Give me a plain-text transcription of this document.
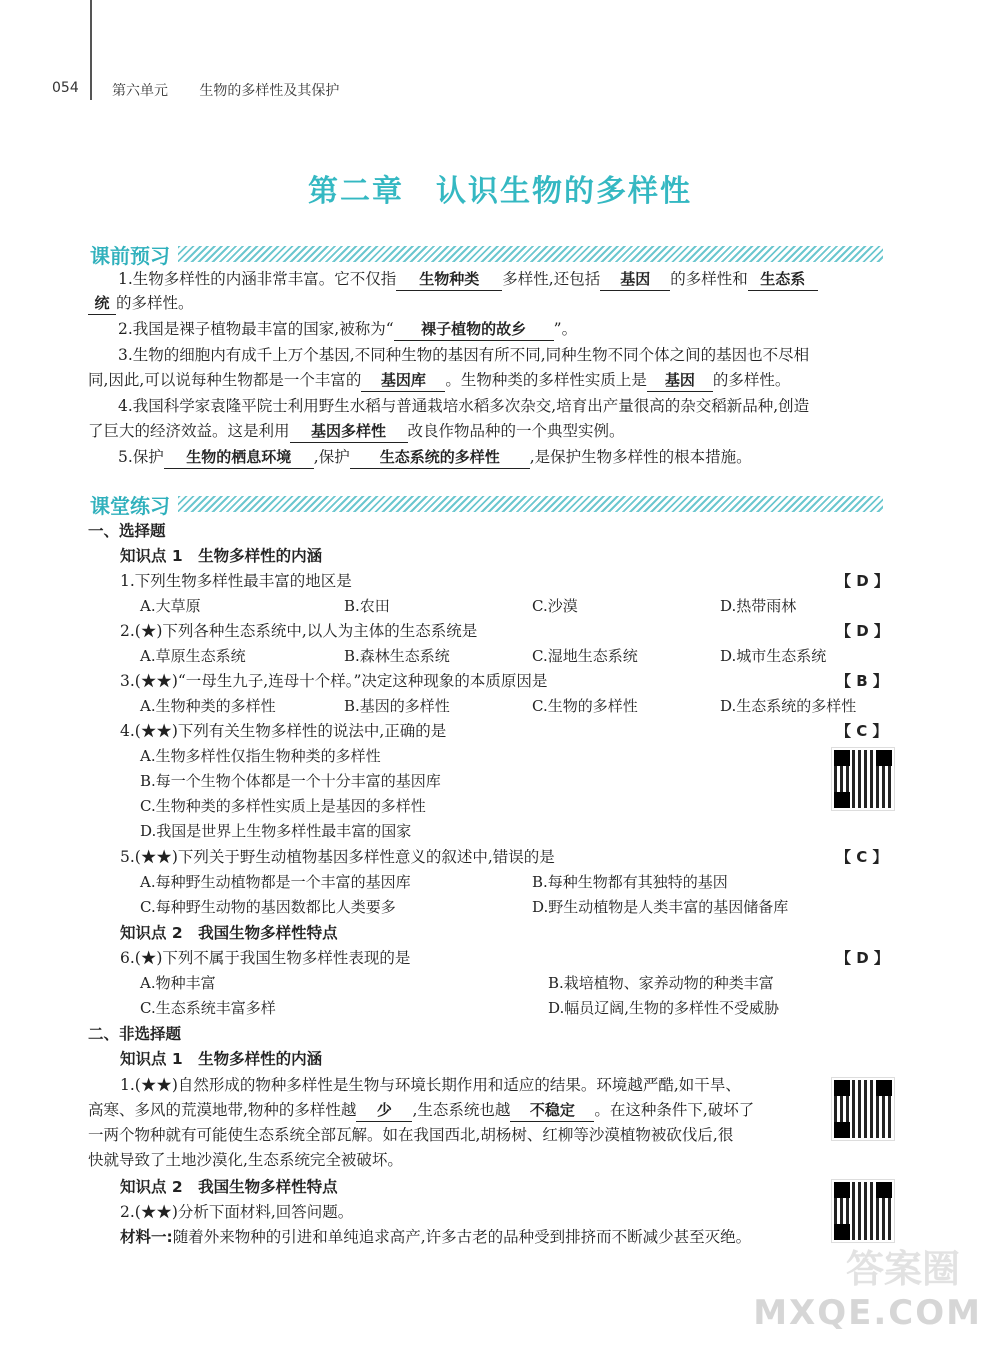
054 第六单元 生物的多样性及其保护
第二章　认识生物的多样性
课前预习
1.生物多样性的内涵非常丰富。它不仅指 生物种类 多样性,还包括 基因 的多样性和 生态系
统 的多样性。
2.我国是裸子植物最丰富的国家,被称为“ 裸子植物的故乡 ”。
3.生物的细胞内有成千上万个基因,不同种生物的基因有所不同,同种生物不同个体之间的基因也不尽相
同,因此,可以说每种生物都是一个丰富的 基因库 。生物种类的多样性实质上是 基因 的多样性。
4.我国科学家袁隆平院士利用野生水稻与普通栽培水稻多次杂交,培育出产量很高的杂交稻新品种,创造
了巨大的经济效益。这是利用 基因多样性 改良作物品种的一个典型实例。
5.保护 生物的栖息环境 ,保护 生态系统的多样性 ,是保护生物多样性的根本措施。
课堂练习
一、选择题
知识点 1　生物多样性的内涵
1.下列生物多样性最丰富的地区是	【 D 】
A.大草原	B.农田	C.沙漠	D.热带雨林
2.(★)下列各种生态系统中,以人为主体的生态系统是	【 D 】
A.草原生态系统	B.森林生态系统	C.湿地生态系统	D.城市生态系统
3.(★★)“一母生九子,连母十个样。”决定这种现象的本质原因是	【 B 】
A.生物种类的多样性	B.基因的多样性	C.生物的多样性	D.生态系统的多样性
4.(★★)下列有关生物多样性的说法中,正确的是	【 C 】
A.生物多样性仅指生物种类的多样性
B.每一个生物个体都是一个十分丰富的基因库
C.生物种类的多样性实质上是基因的多样性
D.我国是世界上生物多样性最丰富的国家
5.(★★)下列关于野生动植物基因多样性意义的叙述中,错误的是	【 C 】
A.每种野生动植物都是一个丰富的基因库	B.每种生物都有其独特的基因
C.每种野生动物的基因数都比人类要多	D.野生动植物是人类丰富的基因储备库
知识点 2　我国生物多样性特点
6.(★)下列不属于我国生物多样性表现的是	【 D 】
A.物种丰富	B.栽培植物、家养动物的种类丰富
C.生态系统丰富多样	D.幅员辽阔,生物的多样性不受威胁
二、非选择题
知识点 1　生物多样性的内涵
1.(★★)自然形成的物种多样性是生物与环境长期作用和适应的结果。环境越严酷,如干旱、
高寒、多风的荒漠地带,物种的多样性越 少 ,生态系统也越 不稳定 。在这种条件下,破坏了
一两个物种就有可能使生态系统全部瓦解。如在我国西北,胡杨树、红柳等沙漠植物被砍伐后,很
快就导致了土地沙漠化,生态系统完全被破坏。
知识点 2　我国生物多样性特点
2.(★★)分析下面材料,回答问题。
材料一:随着外来物种的引进和单纯追求高产,许多古老的品种受到排挤而不断减少甚至灭绝。
答案圈
MXQE.COM
